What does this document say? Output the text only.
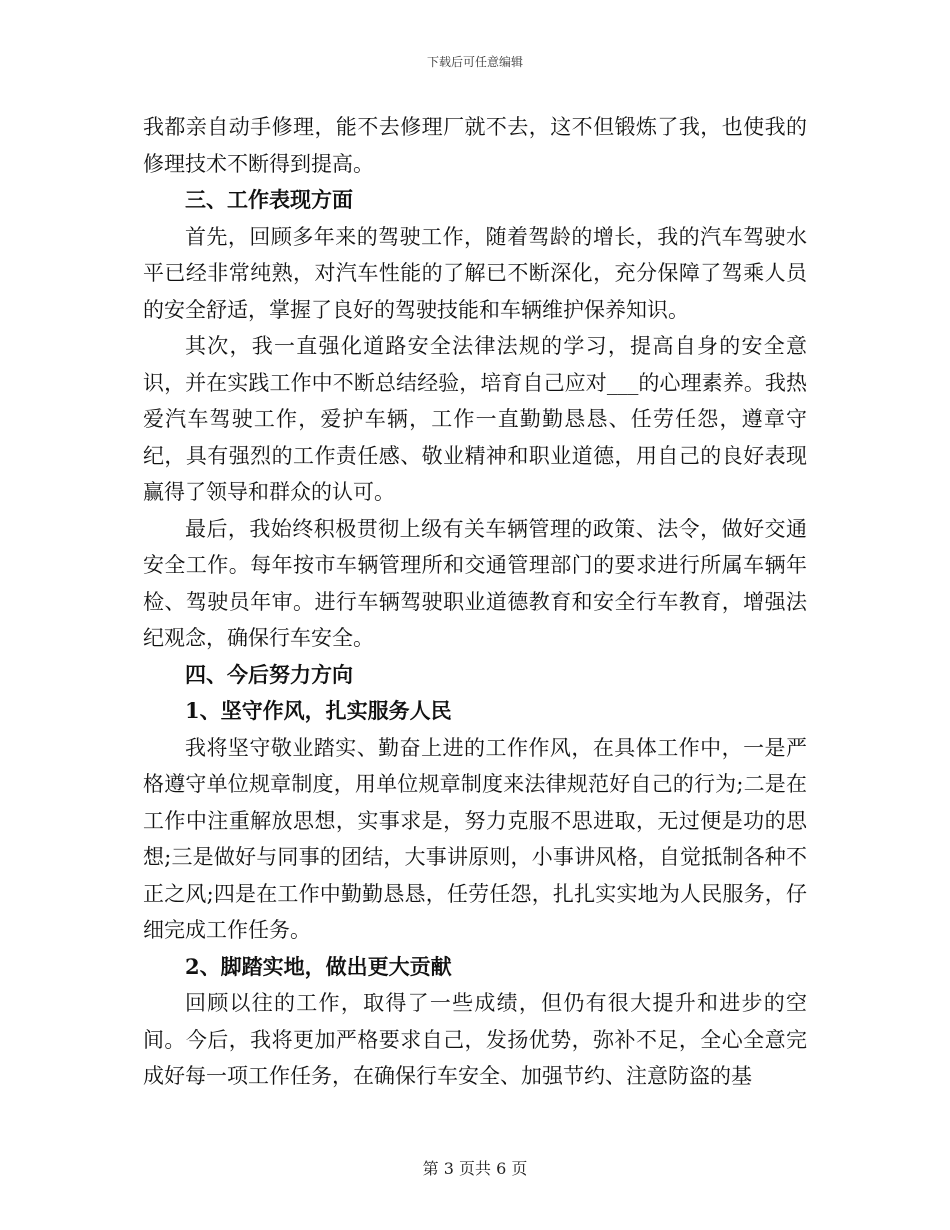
下载后可任意编辑

我都亲自动手修理，能不去修理厂就不去，这不但锻炼了我，也使我的修理技术不断得到提高。

三、工作表现方面

首先，回顾多年来的驾驶工作，随着驾龄的增长，我的汽车驾驶水平已经非常纯熟，对汽车性能的了解已不断深化，充分保障了驾乘人员的安全舒适，掌握了良好的驾驶技能和车辆维护保养知识。

其次，我一直强化道路安全法律法规的学习，提高自身的安全意识，并在实践工作中不断总结经验，培育自己应对___的心理素养。我热爱汽车驾驶工作，爱护车辆，工作一直勤勤恳恳、任劳任怨，遵章守纪，具有强烈的工作责任感、敬业精神和职业道德，用自己的良好表现赢得了领导和群众的认可。

最后，我始终积极贯彻上级有关车辆管理的政策、法令，做好交通安全工作。每年按市车辆管理所和交通管理部门的要求进行所属车辆年检、驾驶员年审。进行车辆驾驶职业道德教育和安全行车教育，增强法纪观念，确保行车安全。

四、今后努力方向

1、坚守作风，扎实服务人民

我将坚守敬业踏实、勤奋上进的工作作风，在具体工作中，一是严格遵守单位规章制度，用单位规章制度来法律规范好自己的行为;二是在工作中注重解放思想，实事求是，努力克服不思进取，无过便是功的思想;三是做好与同事的团结，大事讲原则，小事讲风格，自觉抵制各种不正之风;四是在工作中勤勤恳恳，任劳任怨，扎扎实实地为人民服务，仔细完成工作任务。

2、脚踏实地，做出更大贡献

回顾以往的工作，取得了一些成绩，但仍有很大提升和进步的空间。今后，我将更加严格要求自己，发扬优势，弥补不足，全心全意完成好每一项工作任务，在确保行车安全、加强节约、注意防盗的基

第 3 页共 6 页
